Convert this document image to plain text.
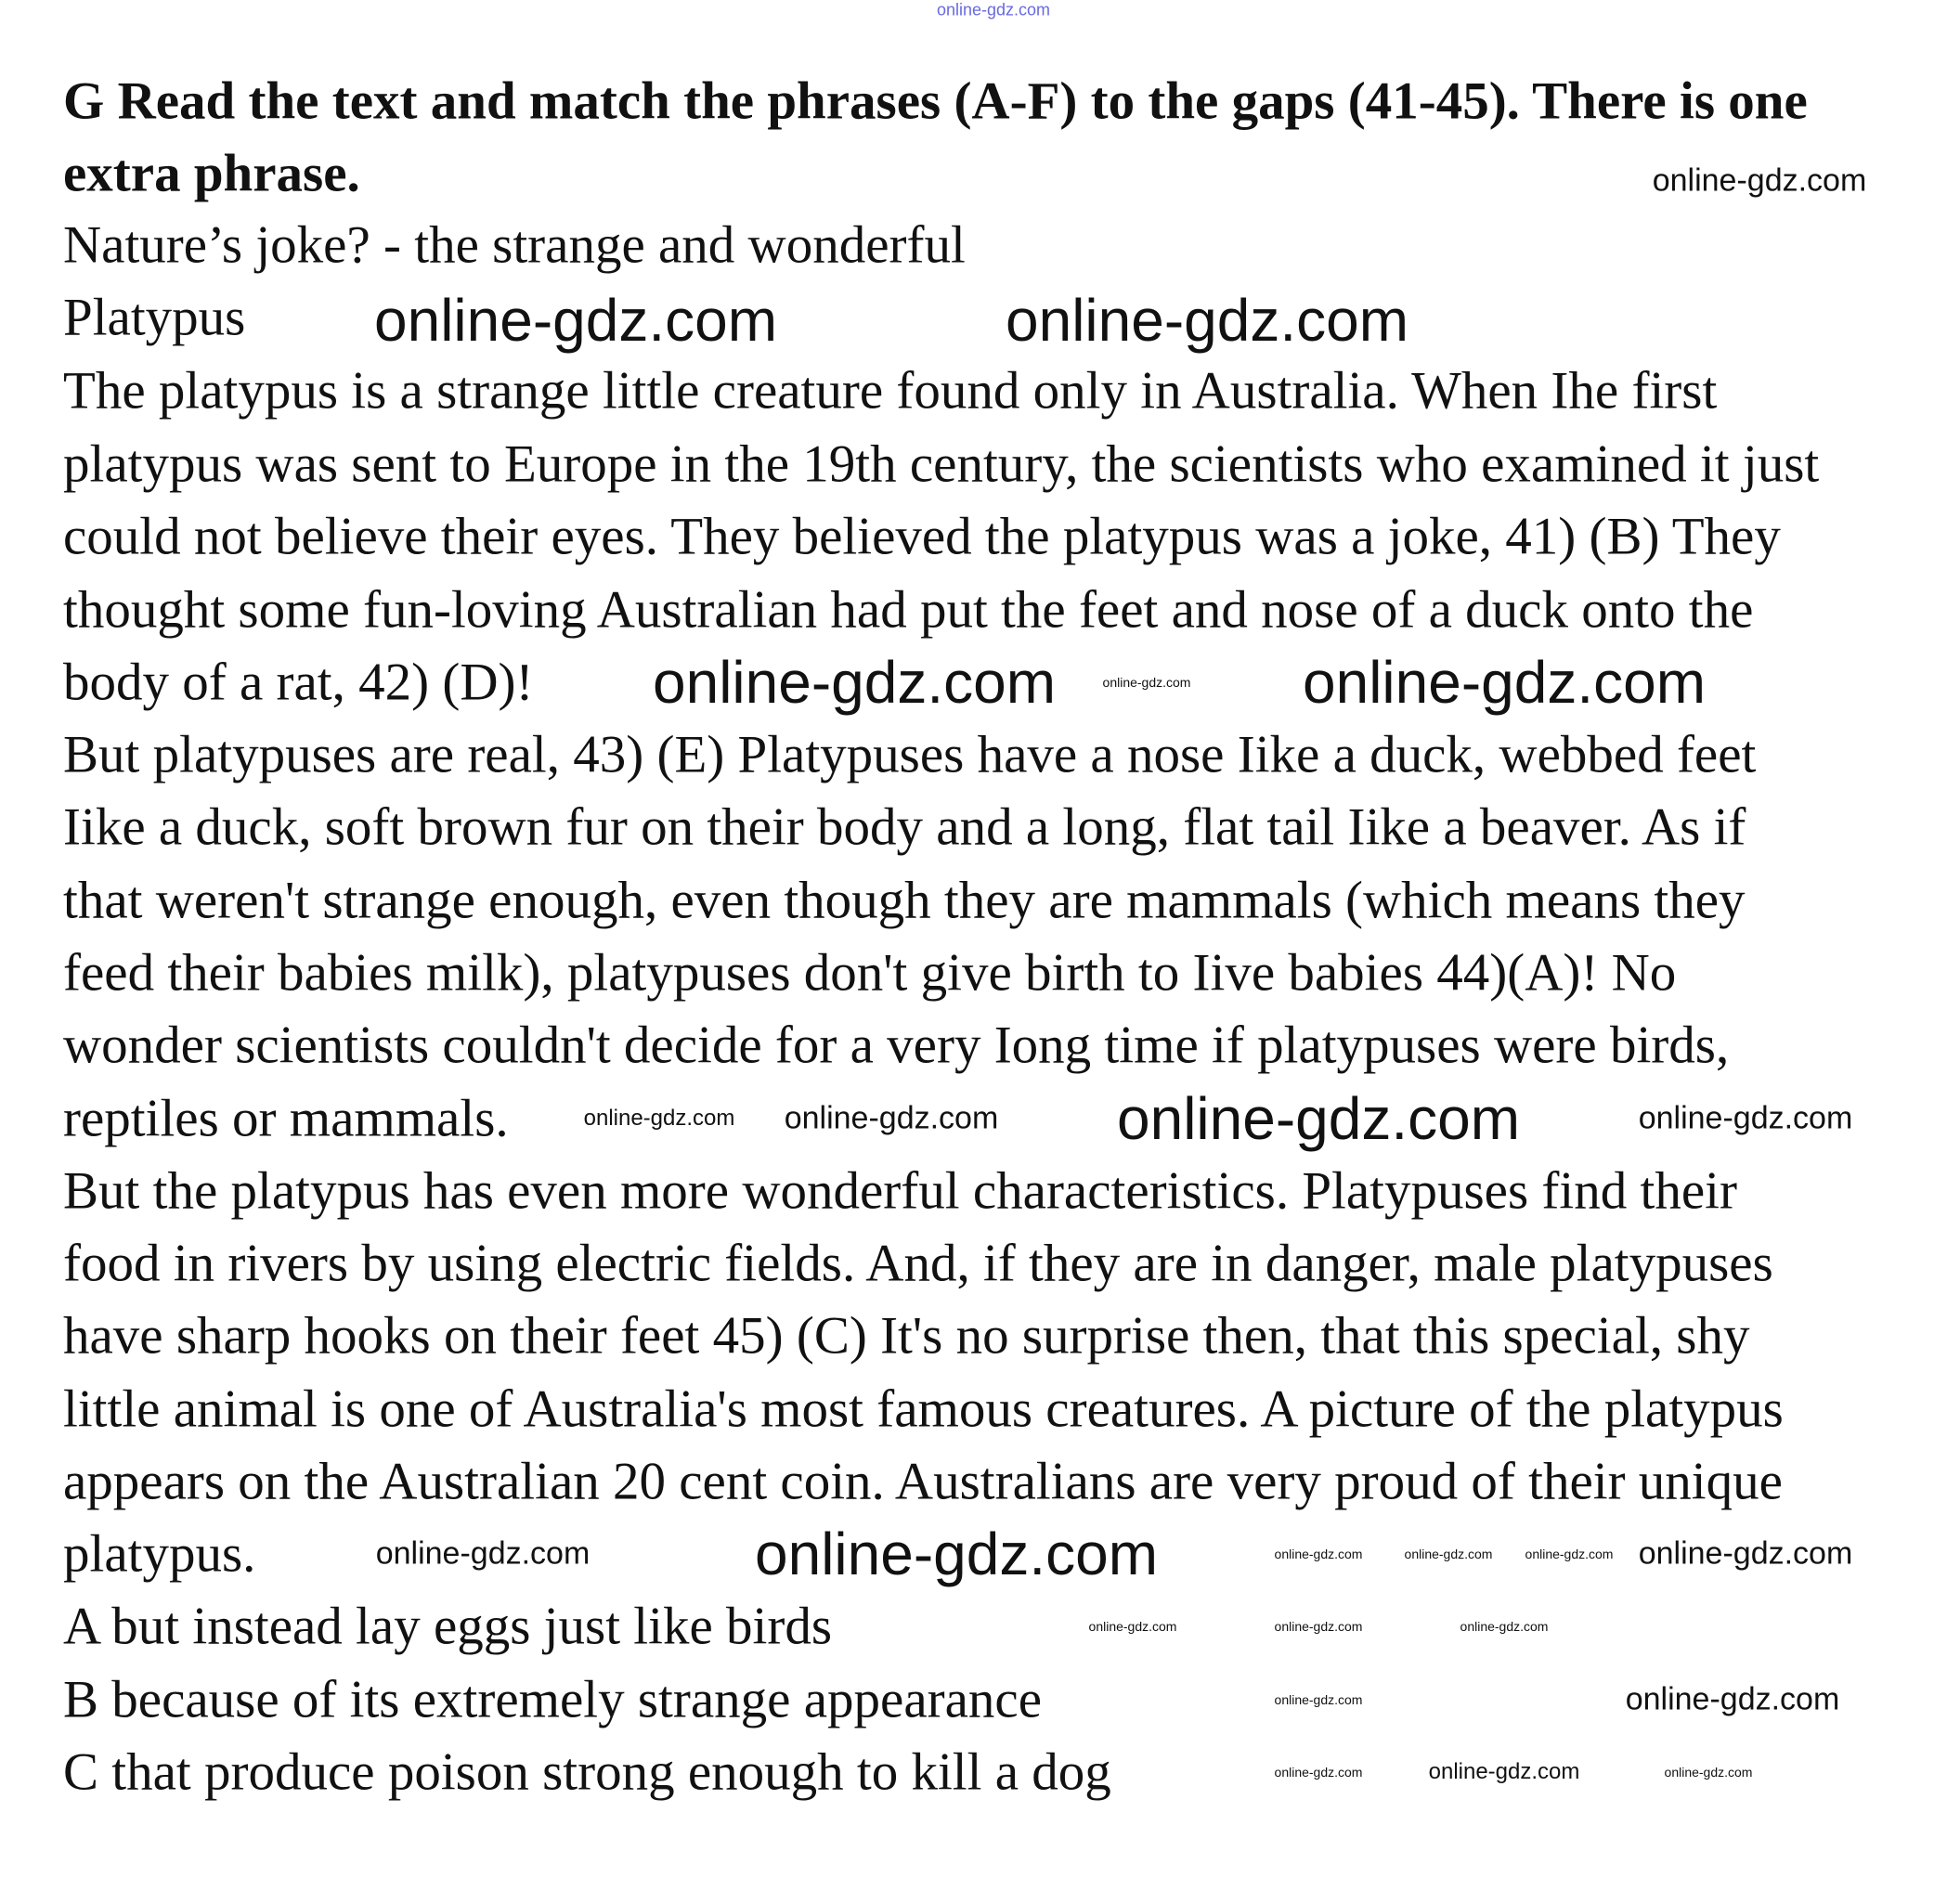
G Read the text and match the phrases (A-F) to the gaps (41-45). There is one
extra phrase.
Nature’s joke? - the strange and wonderful
Platypus
The platypus is a strange little creature found only in Australia. When Ihe first
platypus was sent to Europe in the 19th century, the scientists who examined it just
could not believe their eyes. They believed the platypus was a joke, 41) (B) They
thought some fun-loving Australian had put the feet and nose of a duck onto the
body of a rat, 42) (D)!
But platypuses are real, 43) (E) Platypuses have a nose Iike a duck, webbed feet
Iike a duck, soft brown fur on their body and a long, flat tail Iike a beaver. As if
that weren't strange enough, even though they are mammals (which means they
feed their babies milk), platypuses don't give birth to Iive babies 44)(A)! No
wonder scientists couldn't decide for a very Iong time if platypuses were birds,
reptiles or mammals.
But the platypus has even more wonderful characteristics. Platypuses find their
food in rivers by using electric fields. And, if they are in danger, male platypuses
have sharp hooks on their feet 45) (C) It's no surprise then, that this special, shy
little animal is one of Australia's most famous creatures. A picture of the platypus
appears on the Australian 20 cent coin. Australians are very proud of their unique
platypus.
A but instead lay eggs just like birds
B because of its extremely strange appearance
C that produce poison strong enough to kill a dog
online-gdz.com
online-gdz.com
online-gdz.com	online-gdz.com
online-gdz.com
online-gdz.com	online-gdz.com
online-gdz.com online-gdz.com online-gdz.com	online-gdz.com
online-gdz.com
online-gdz.com	online-gdz.com
online-gdz.com
online-gdz.com	online-gdz.com	online-gdz.com
online-gdz.com
online-gdz.com	online-gdz.com
online-gdz.com
online-gdz.com	online-gdz.com	online-gdz.com
